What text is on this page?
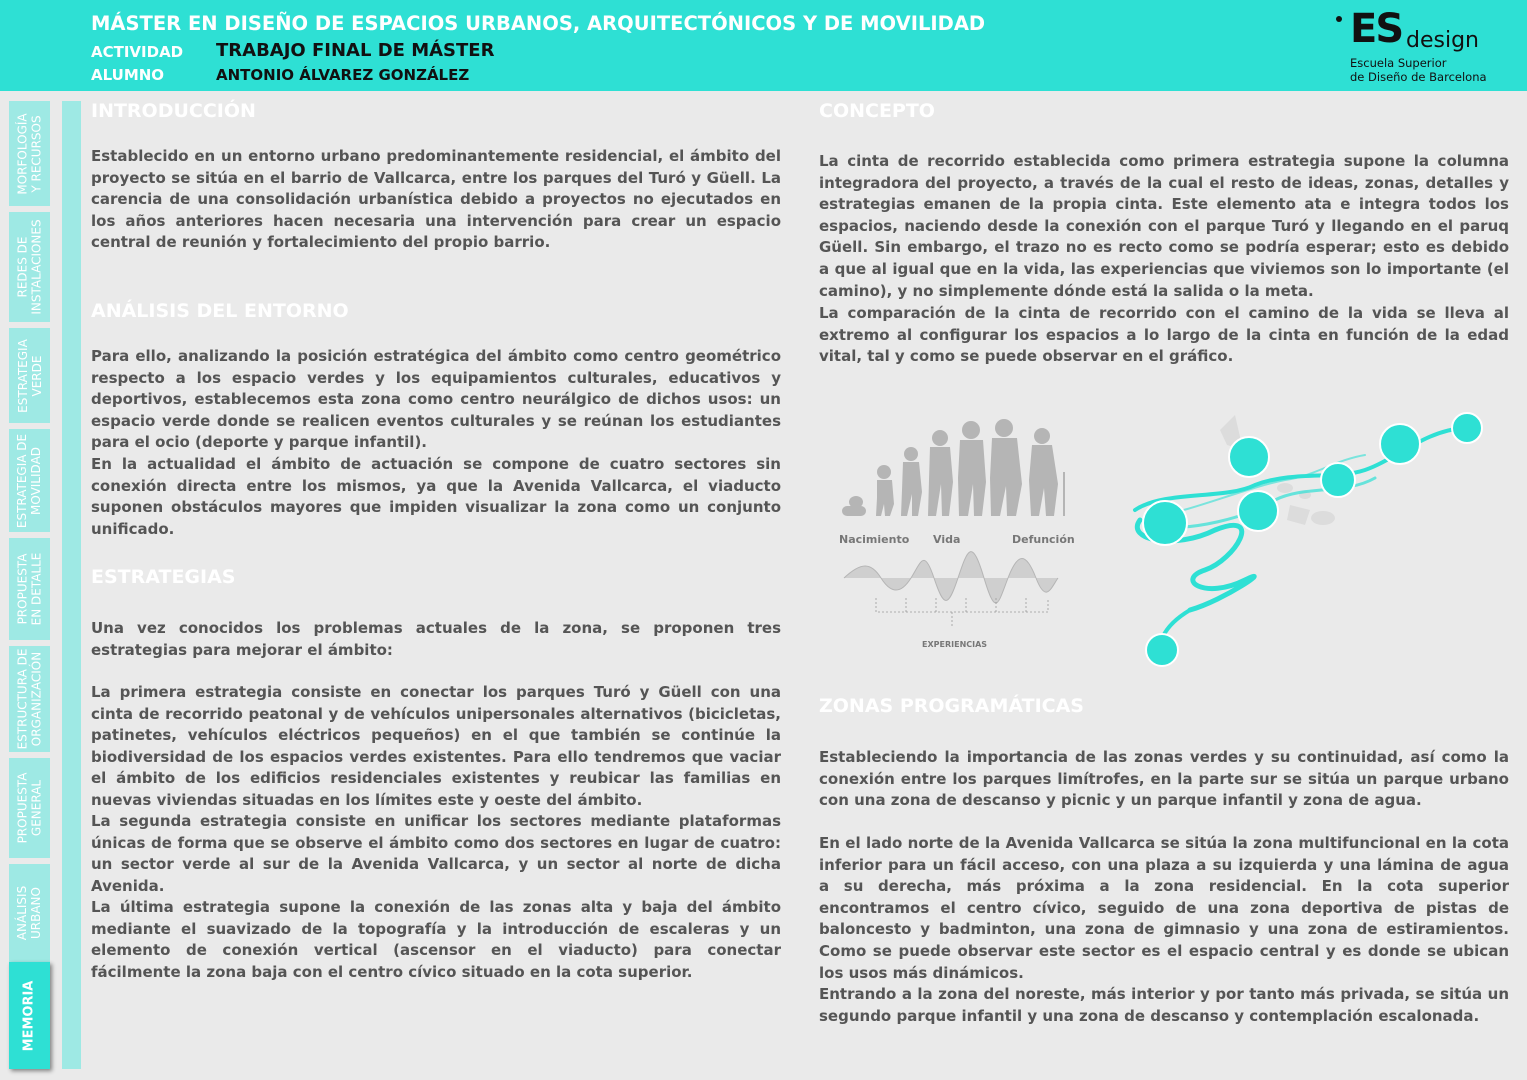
MÁSTER EN DISEÑO DE ESPACIOS URBANOS, ARQUITECTÓNICOS Y DE MOVILIDAD
ACTIVIDAD TRABAJO FINAL DE MÁSTER
ALUMNO	ANTONIO ÁLVAREZ GONZÁLEZ
ES design
Escuela Superior
de Diseño de Barcelona
MORFOLOGÍA
Y RECURSOS
REDES DE
INSTALACIONES
ESTRATEGIA
VERDE
ESTRATEGIA DE
MOVILIDAD
PROPUESTA
EN DETALLE
ESTRUCTURA DE
ORGANIZACIÓN
PROPUESTA
GENERAL
ANÁLISIS
URBANO
MEMORIA
INTRODUCCIÓN

Establecido en un entorno urbano predominantemente residencial, el ámbito del proyecto se sitúa en el barrio de Vallcarca, entre los parques del Turó y Güell. La carencia de una consolidación urbanística debido a proyectos no ejecutados en los años anteriores hacen necesaria una intervención para crear un espacio central de reunión y fortalecimiento del propio barrio.

ANÁLISIS DEL ENTORNO

Para ello, analizando la posición estratégica del ámbito como centro geométrico respecto a los espacio verdes y los equipamientos culturales, educativos y deportivos, establecemos esta zona como centro neurálgico de dichos usos: un espacio verde donde se realicen eventos culturales y se reúnan los estudiantes para el ocio (deporte y parque infantil).

En la actualidad el ámbito de actuación se compone de cuatro sectores sin conexión directa entre los mismos, ya que la Avenida Vallcarca, el viaducto suponen obstáculos mayores que impiden visualizar la zona como un conjunto unificado.

ESTRATEGIAS

Una vez conocidos los problemas actuales de la zona, se proponen tres estrategias para mejorar el ámbito:

La primera estrategia consiste en conectar los parques Turó y Güell con una cinta de recorrido peatonal y de vehículos unipersonales alternativos (bicicletas, patinetes, vehículos eléctricos pequeños) en el que también se continúe la biodiversidad de los espacios verdes existentes. Para ello tendremos que vaciar el ámbito de los edificios residenciales existentes y reubicar las familias en nuevas viviendas situadas en los límites este y oeste del ámbito.

La segunda estrategia consiste en unificar los sectores mediante plataformas únicas de forma que se observe el ámbito como dos sectores en lugar de cuatro: un sector verde al sur de la Avenida Vallcarca, y un sector al norte de dicha Avenida.

La última estrategia supone la conexión de las zonas alta y baja del ámbito mediante el suavizado de la topografía y la introducción de escaleras y un elemento de conexión vertical (ascensor en el viaducto) para conectar fácilmente la zona baja con el centro cívico situado en la cota superior.

CONCEPTO

La cinta de recorrido establecida como primera estrategia supone la columna integradora del proyecto, a través de la cual el resto de ideas, zonas, detalles y estrategias emanen de la propia cinta. Este elemento ata e integra todos los espacios, naciendo desde la conexión con el parque Turó y llegando en el paruq Güell. Sin embargo, el trazo no es recto como se podría esperar; esto es debido a que al igual que en la vida, las experiencias que viviemos son lo importante (el camino), y no simplemente dónde está la salida o la meta.

La comparación de la cinta de recorrido con el camino de la vida se lleva al extremo al configurar los espacios a lo largo de la cinta en función de la edad vital, tal y como se puede observar en el gráfico.

Nacimiento Vida	Defunción
EXPERIENCIAS
ZONAS PROGRAMÁTICAS

Estableciendo la importancia de las zonas verdes y su continuidad, así como la conexión entre los parques limítrofes, en la parte sur se sitúa un parque urbano con una zona de descanso y picnic y un parque infantil y zona de agua.

En el lado norte de la Avenida Vallcarca se sitúa la zona multifuncional en la cota inferior para un fácil acceso, con una plaza a su izquierda y una lámina de agua a su derecha, más próxima a la zona residencial. En la cota superior encontramos el centro cívico, seguido de una zona deportiva de pistas de baloncesto y badminton, una zona de gimnasio y una zona de estiramientos. Como se puede observar este sector es el espacio central y es donde se ubican los usos más dinámicos.

Entrando a la zona del noreste, más interior y por tanto más privada, se sitúa un segundo parque infantil y una zona de descanso y contemplación escalonada.
